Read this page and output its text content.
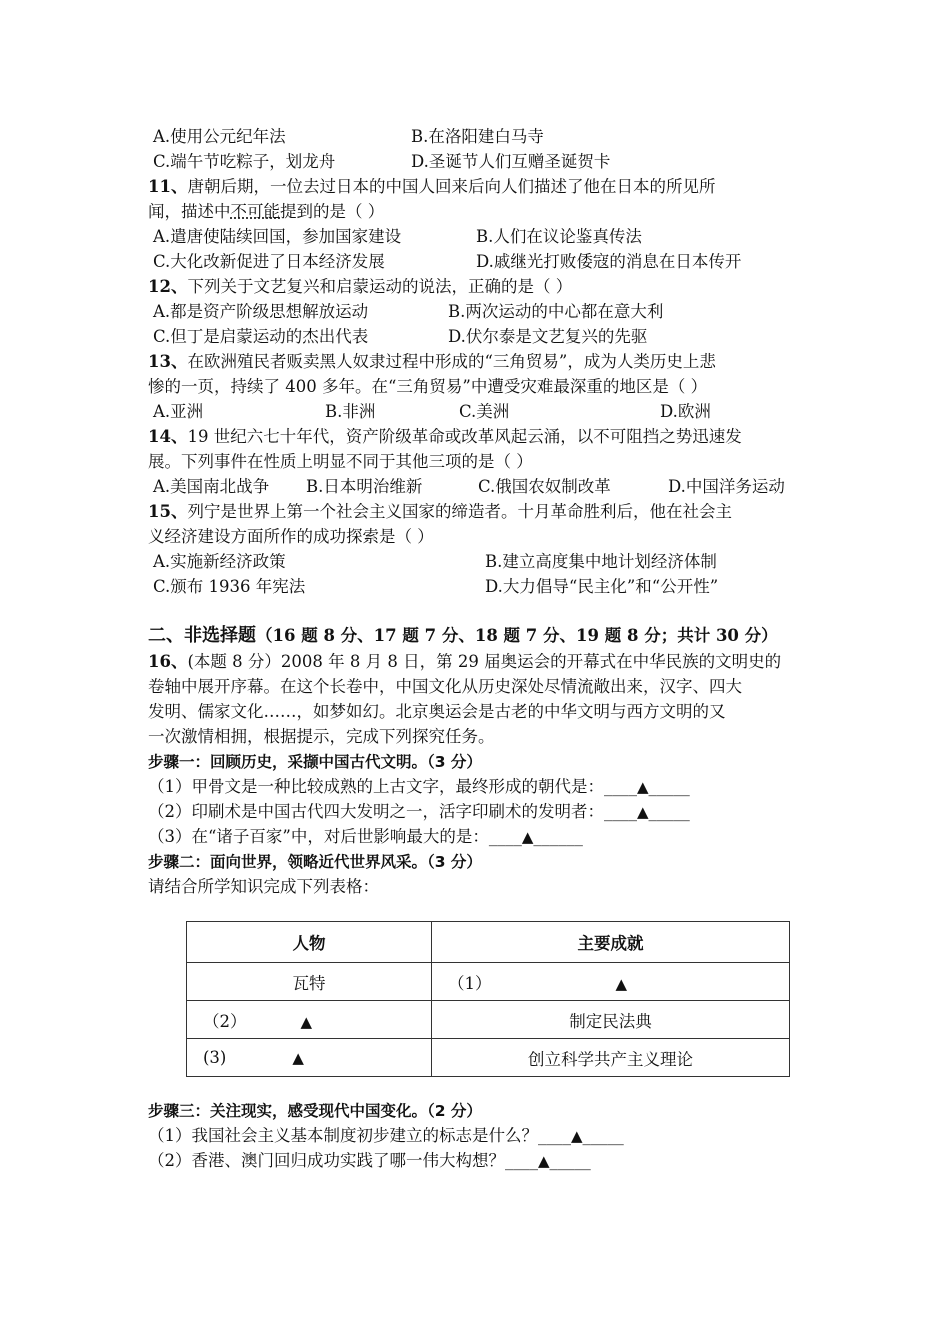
A.使用公元纪年法	B.在洛阳建白马寺
C.端午节吃粽子，划龙舟	D.圣诞节人们互赠圣诞贺卡
11、唐朝后期，一位去过日本的中国人回来后向人们描述了他在日本的所见所
闻，描述中不可能提到的是（ ）
A.遣唐使陆续回国，参加国家建设	B.人们在议论鉴真传法
C.大化改新促进了日本经济发展	D.戚继光打败倭寇的消息在日本传开
12、下列关于文艺复兴和启蒙运动的说法，正确的是（ ）
A.都是资产阶级思想解放运动	B.两次运动的中心都在意大利
C.但丁是启蒙运动的杰出代表	D.伏尔泰是文艺复兴的先驱
13、在欧洲殖民者贩卖黑人奴隶过程中形成的“三角贸易”，成为人类历史上悲
惨的一页，持续了 400 多年。在“三角贸易”中遭受灾难最深重的地区是（ ）
A.亚洲	B.非洲	C.美洲	D.欧洲
14、19 世纪六七十年代，资产阶级革命或改革风起云涌，以不可阻挡之势迅速发
展。下列事件在性质上明显不同于其他三项的是（ ）
A.美国南北战争 B.日本明治维新	C.俄国农奴制改革	D.中国洋务运动
15、列宁是世界上第一个社会主义国家的缔造者。十月革命胜利后，他在社会主
义经济建设方面所作的成功探索是（ ）
A.实施新经济政策	B.建立高度集中地计划经济体制
C.颁布 1936 年宪法	D.大力倡导“民主化”和“公开性”
二、非选择题（16 题 8 分、17 题 7 分、18 题 7 分、19 题 8 分；共计 30 分）
16、(本题 8 分）2008 年 8 月 8 日，第 29 届奥运会的开幕式在中华民族的文明史的
卷轴中展开序幕。在这个长卷中，中国文化从历史深处尽情流敞出来，汉字、四大
发明、儒家文化……，如梦如幻。北京奥运会是古老的中华文明与西方文明的又
一次激情相拥，根据提示，完成下列探究任务。
步骤一：回顾历史，采撷中国古代文明。（3 分）
（1）甲骨文是一种比较成熟的上古文字，最终形成的朝代是：____▲_____
（2）印刷术是中国古代四大发明之一，活字印刷术的发明者：____▲_____
（3）在“诸子百家”中，对后世影响最大的是：____▲______
步骤二：面向世界，领略近代世界风采。（3 分）
请结合所学知识完成下列表格：
人物	主要成就
瓦特	（1） ▲
（2） ▲	制定民法典
(3) ▲	创立科学共产主义理论
步骤三：关注现实，感受现代中国变化。（2 分）
（1）我国社会主义基本制度初步建立的标志是什么？____▲_____
（2）香港、澳门回归成功实践了哪一伟大构想？____▲_____
